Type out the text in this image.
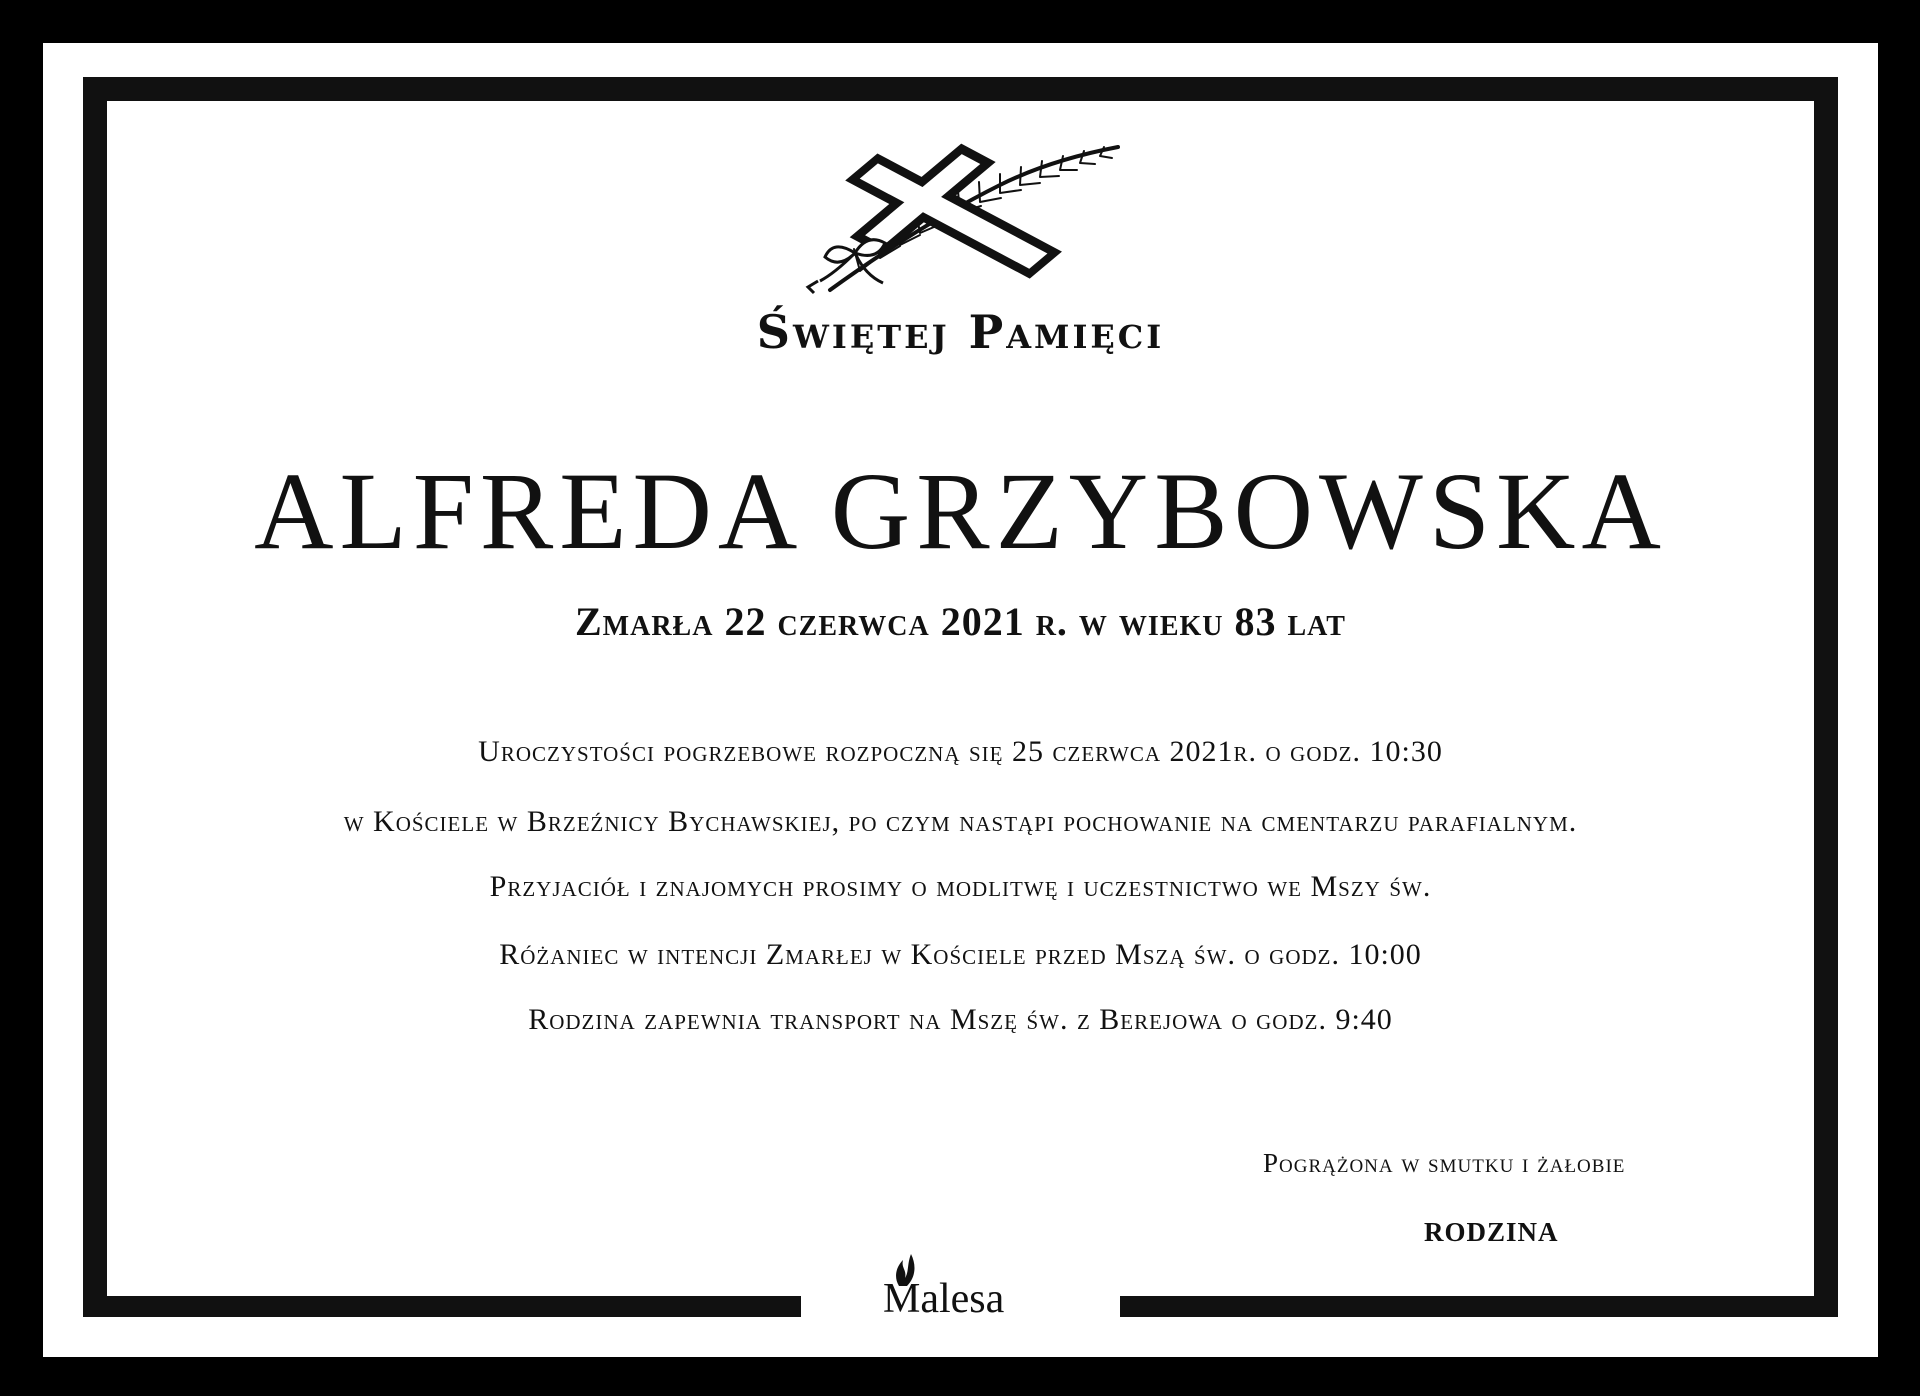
Świętej Pamięci

ALFREDA GRZYBOWSKA

Zmarła 22 czerwca 2021 r. w wieku 83 lat

Uroczystości pogrzebowe rozpoczną się 25 czerwca 2021r. o godz. 10:30

w Kościele w Brzeźnicy Bychawskiej, po czym nastąpi pochowanie na cmentarzu parafialnym.

Przyjaciół i znajomych prosimy o modlitwę i uczestnictwo we Mszy św.

Różaniec w intencji Zmarłej w Kościele przed Mszą św. o godz. 10:00

Rodzina zapewnia transport na Mszę św. z Berejowa o godz. 9:40

Pogrążona w smutku i żałobie

RODZINA

Malesa
